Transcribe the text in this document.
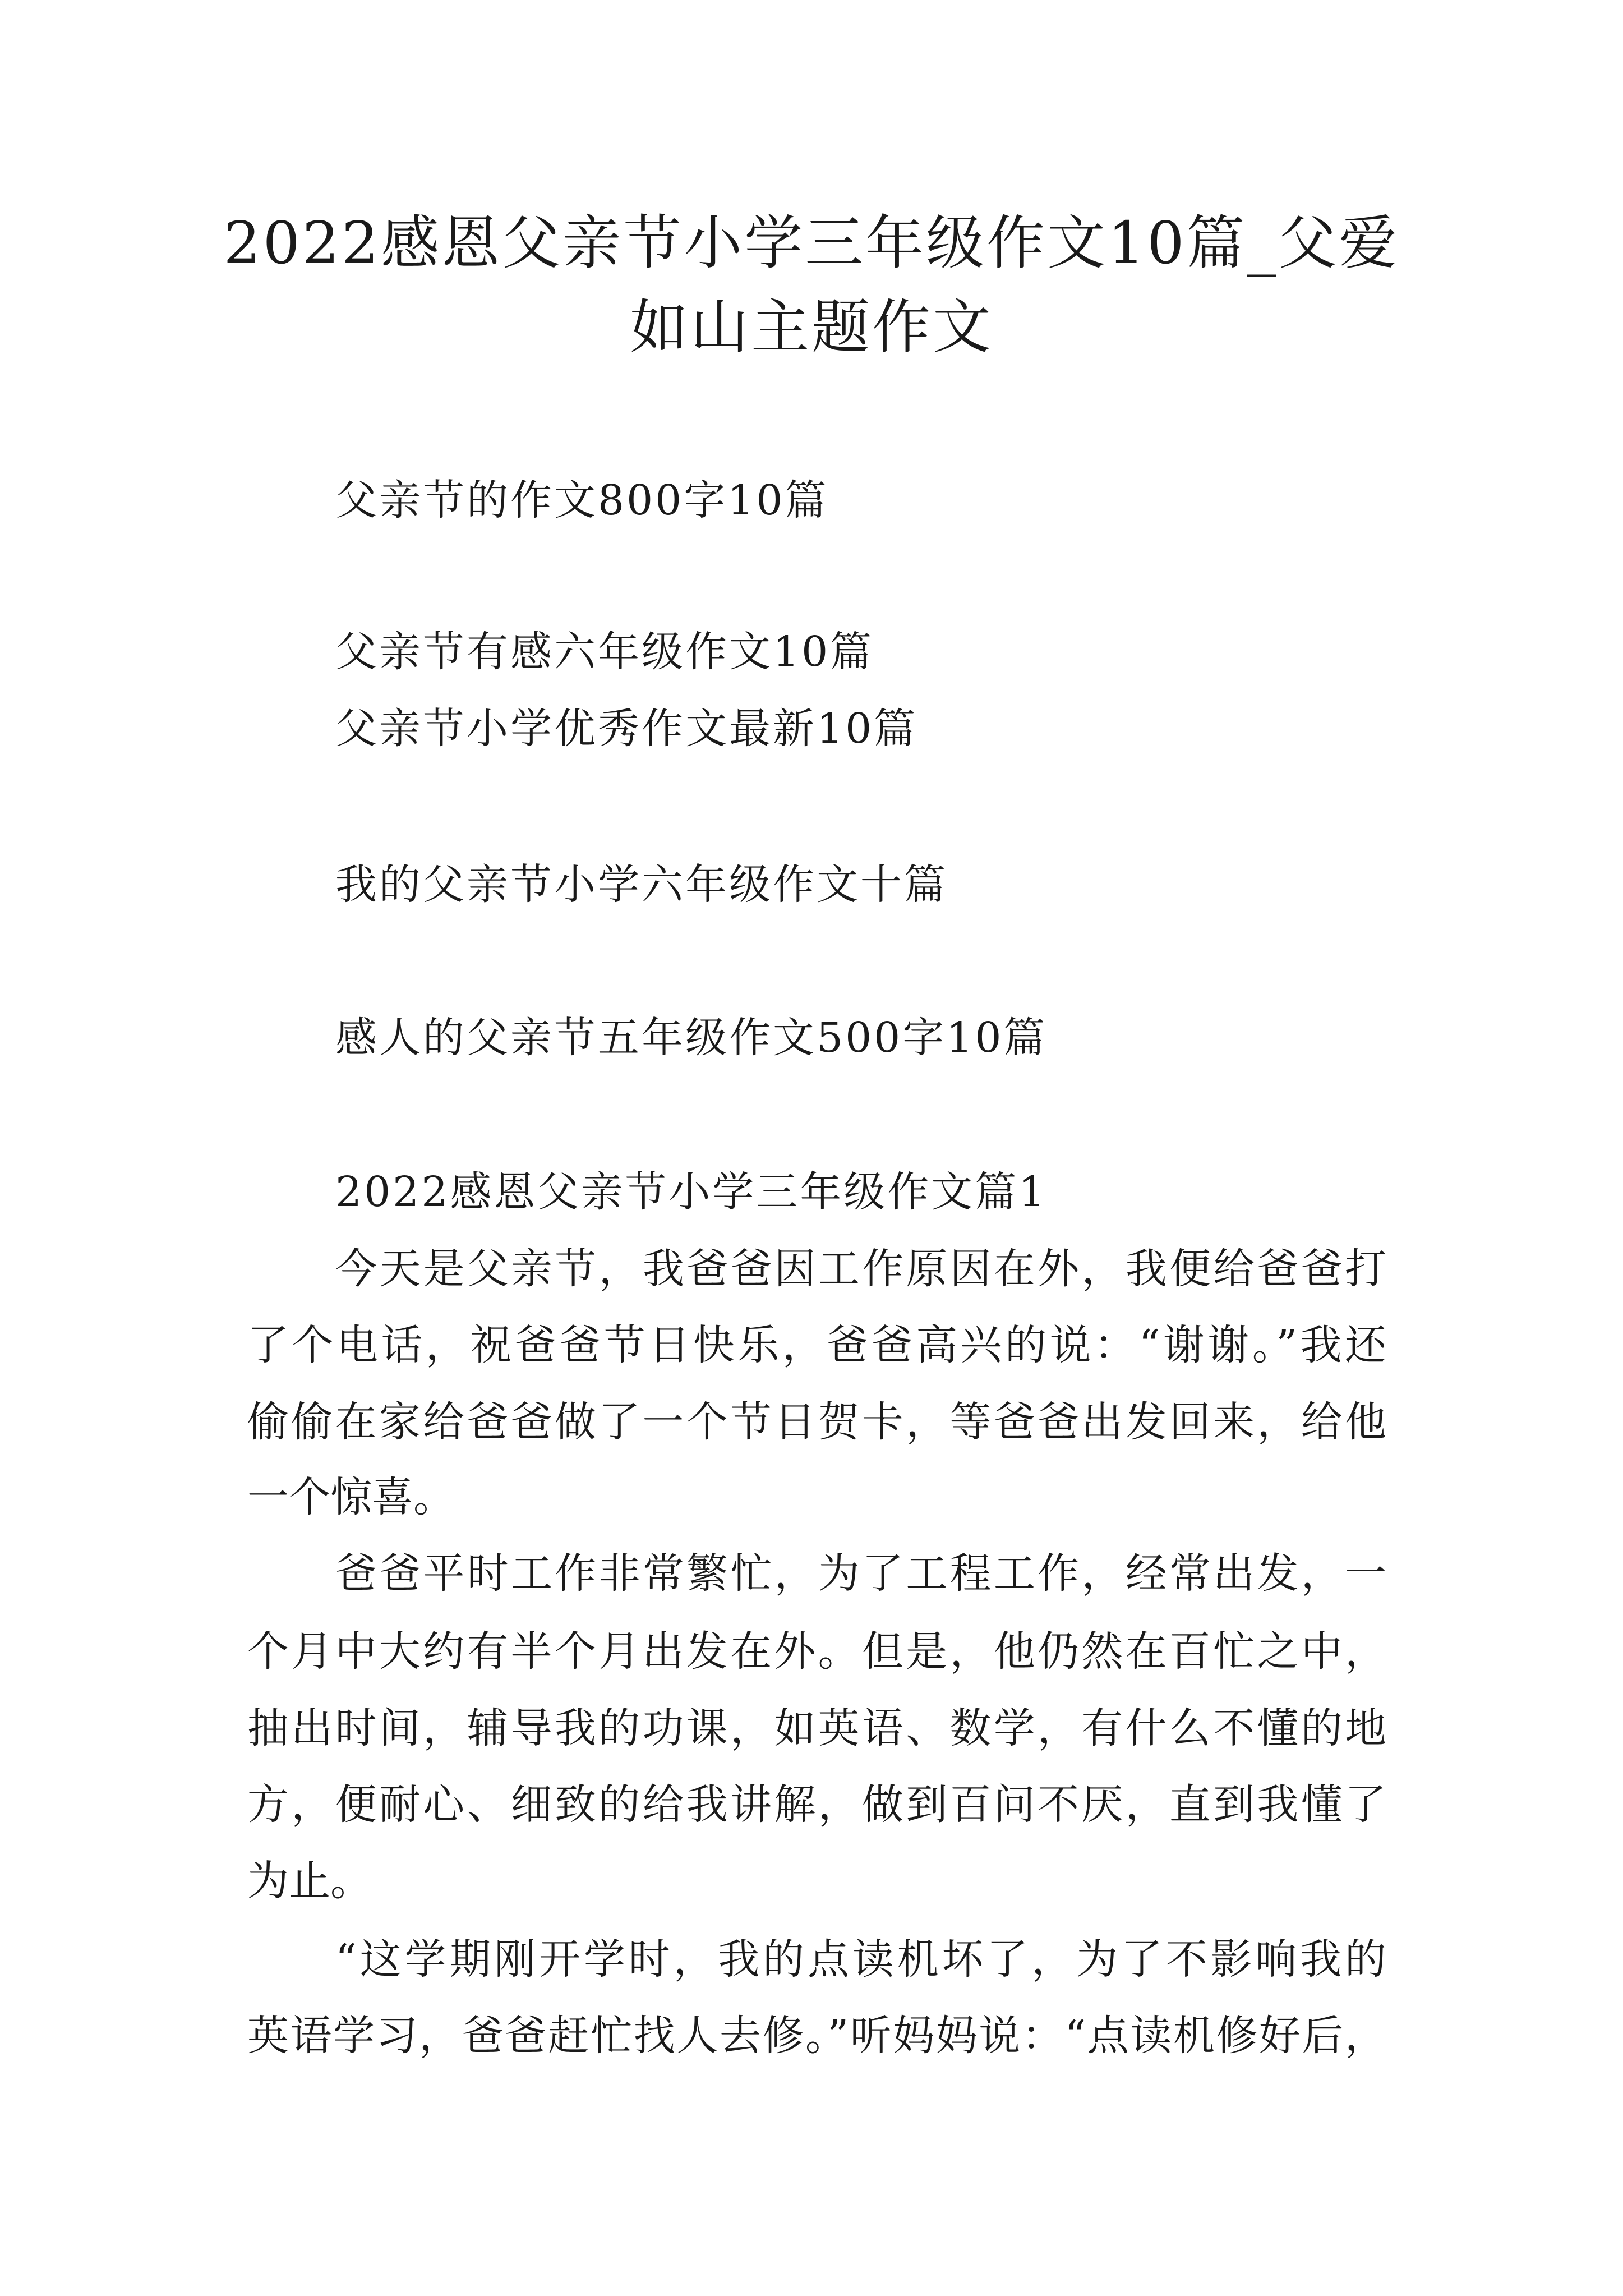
2022感恩父亲节小学三年级作文10篇_父爱
如山主题作文
父亲节的作文800字10篇
父亲节有感六年级作文10篇
父亲节小学优秀作文最新10篇
我的父亲节小学六年级作文十篇
感人的父亲节五年级作文500字10篇
2022感恩父亲节小学三年级作文篇1
今天是父亲节，我爸爸因工作原因在外，我便给爸爸打
了个电话，祝爸爸节日快乐，爸爸高兴的说：“谢谢。”我还
偷偷在家给爸爸做了一个节日贺卡，等爸爸出发回来，给他
一个惊喜。
爸爸平时工作非常繁忙，为了工程工作，经常出发，一
个月中大约有半个月出发在外。但是，他仍然在百忙之中，
抽出时间，辅导我的功课，如英语、数学，有什么不懂的地
方，便耐心、细致的给我讲解，做到百问不厌，直到我懂了
为止。
“这学期刚开学时，我的点读机坏了，为了不影响我的
英语学习，爸爸赶忙找人去修。”听妈妈说：“点读机修好后，
